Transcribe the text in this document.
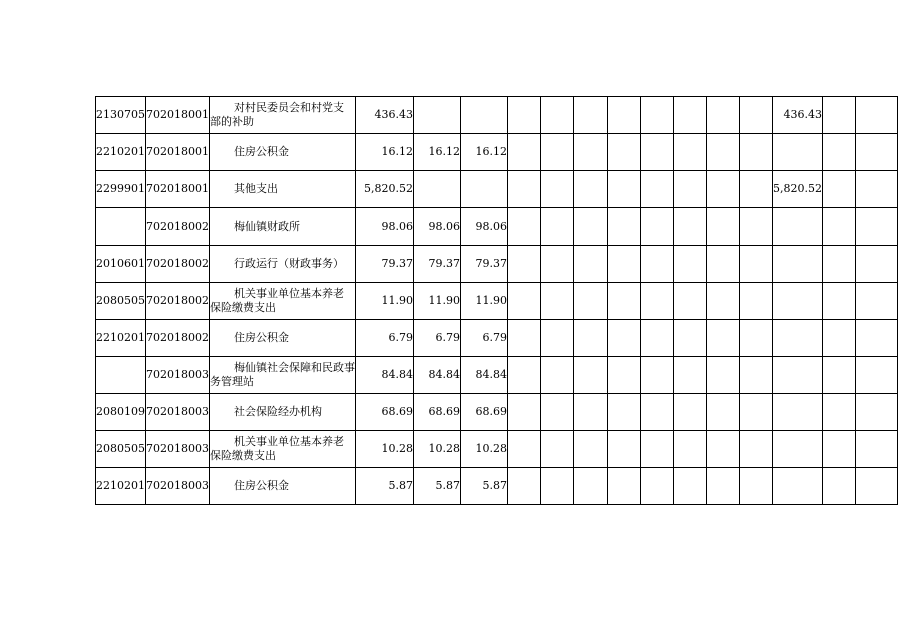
2130705	702018001	对村民委员会和村党支
部的补助	436.43											436.43		
2210201	702018001	住房公积金	16.12	16.12	16.12											
2299901	702018001	其他支出	5,820.52											5,820.52		
	702018002	梅仙镇财政所	98.06	98.06	98.06											
2010601	702018002	行政运行（财政事务）	79.37	79.37	79.37											
2080505	702018002	机关事业单位基本养老
保险缴费支出	11.90	11.90	11.90											
2210201	702018002	住房公积金	6.79	6.79	6.79											
	702018003	梅仙镇社会保障和民政事
务管理站	84.84	84.84	84.84											
2080109	702018003	社会保险经办机构	68.69	68.69	68.69											
2080505	702018003	机关事业单位基本养老
保险缴费支出	10.28	10.28	10.28											
2210201	702018003	住房公积金	5.87	5.87	5.87											
